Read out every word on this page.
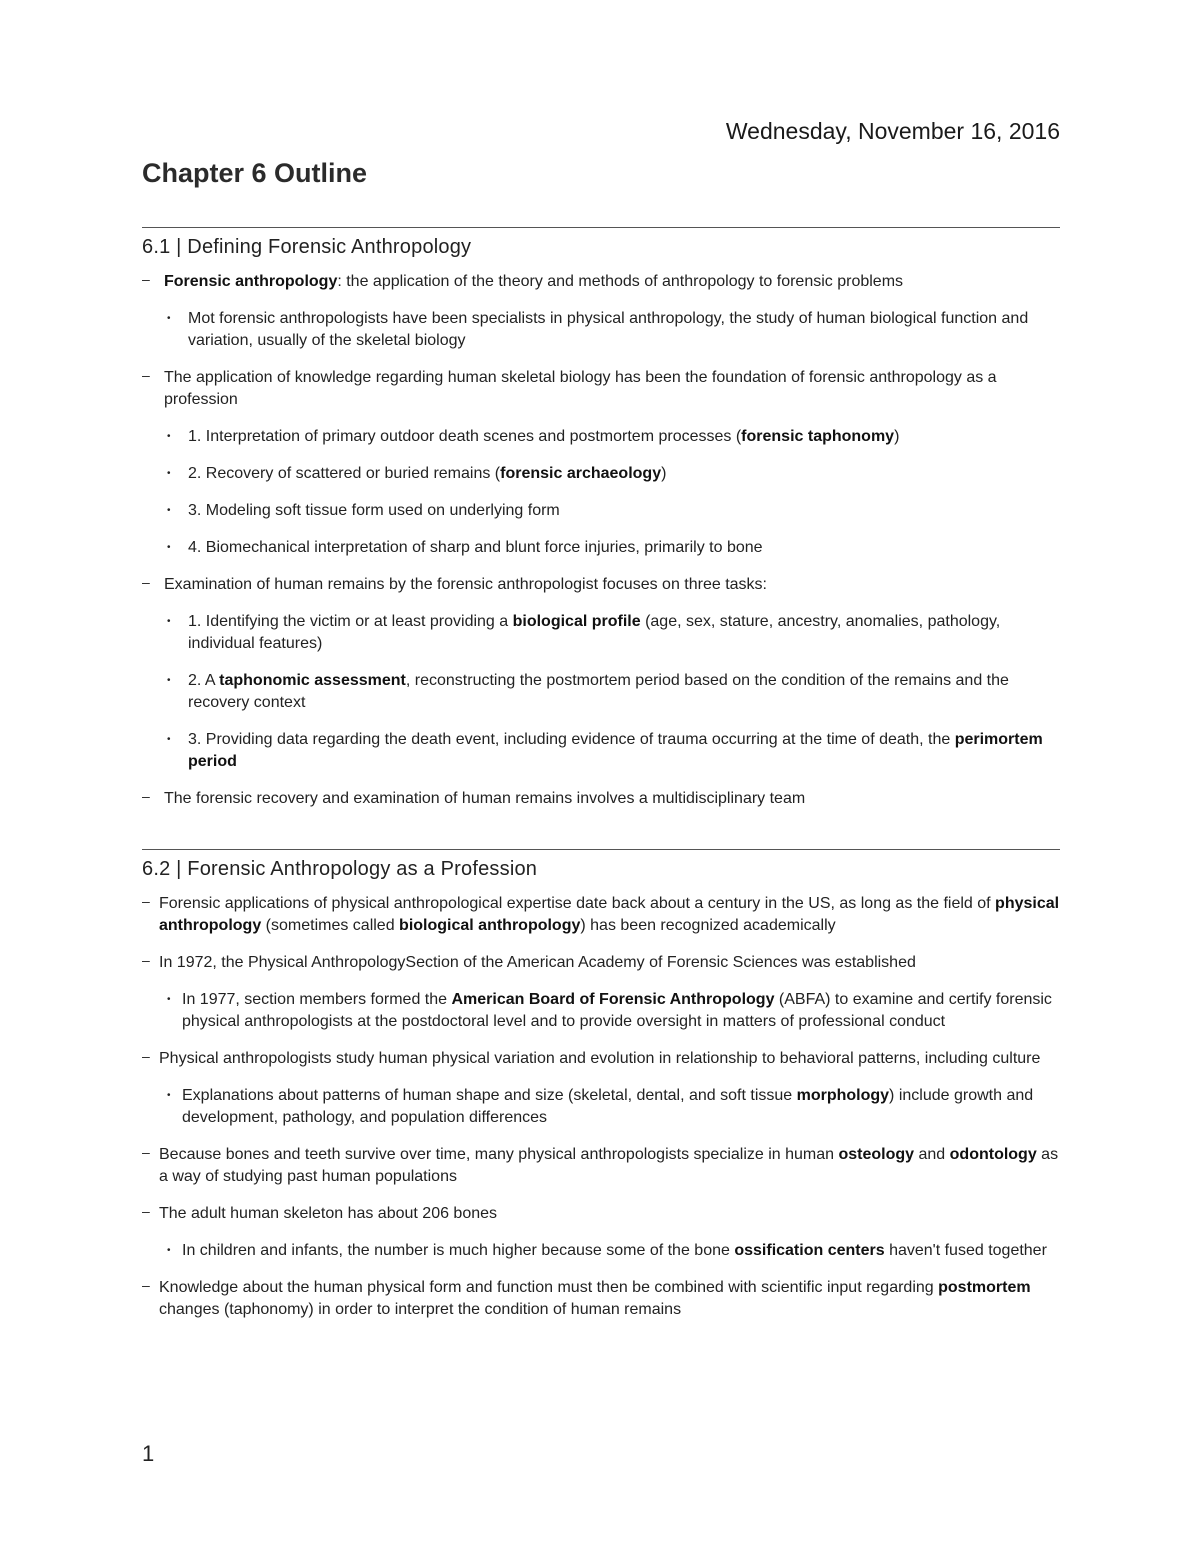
Wednesday, November 16, 2016
Chapter 6 Outline
6.1 | Defining Forensic Anthropology
– Forensic anthropology: the application of the theory and methods of anthropology to forensic problems
• Mot forensic anthropologists have been specialists in physical anthropology, the study of human biological function and variation, usually of the skeletal biology
– The application of knowledge regarding human skeletal biology has been the foundation of forensic anthropology as a profession
• 1. Interpretation of primary outdoor death scenes and postmortem processes (forensic taphonomy)
• 2. Recovery of scattered or buried remains (forensic archaeology)
• 3. Modeling soft tissue form used on underlying form
• 4. Biomechanical interpretation of sharp and blunt force injuries, primarily to bone
– Examination of human remains by the forensic anthropologist focuses on three tasks:
• 1. Identifying the victim or at least providing a biological profile (age, sex, stature, ancestry, anomalies, pathology, individual features)
• 2. A taphonomic assessment, reconstructing the postmortem period based on the condition of the remains and the recovery context
• 3. Providing data regarding the death event, including evidence of trauma occurring at the time of death, the perimortem period
– The forensic recovery and examination of human remains involves a multidisciplinary team
6.2 | Forensic Anthropology as a Profession
– Forensic applications of physical anthropological expertise date back about a century in the US, as long as the field of physical anthropology (sometimes called biological anthropology) has been recognized academically
– In 1972, the Physical AnthropologySection of the American Academy of Forensic Sciences was established
• In 1977, section members formed the American Board of Forensic Anthropology (ABFA) to examine and certify forensic physical anthropologists at the postdoctoral level and to provide oversight in matters of professional conduct
– Physical anthropologists study human physical variation and evolution in relationship to behavioral patterns, including culture
• Explanations about patterns of human shape and size (skeletal, dental, and soft tissue morphology) include growth and development, pathology, and population differences
– Because bones and teeth survive over time, many physical anthropologists specialize in human osteology and odontology as a way of studying past human populations
– The adult human skeleton has about 206 bones
• In children and infants, the number is much higher because some of the bone ossification centers haven't fused together
– Knowledge about the human physical form and function must then be combined with scientific input regarding postmortem changes (taphonomy) in order to interpret the condition of human remains
1
